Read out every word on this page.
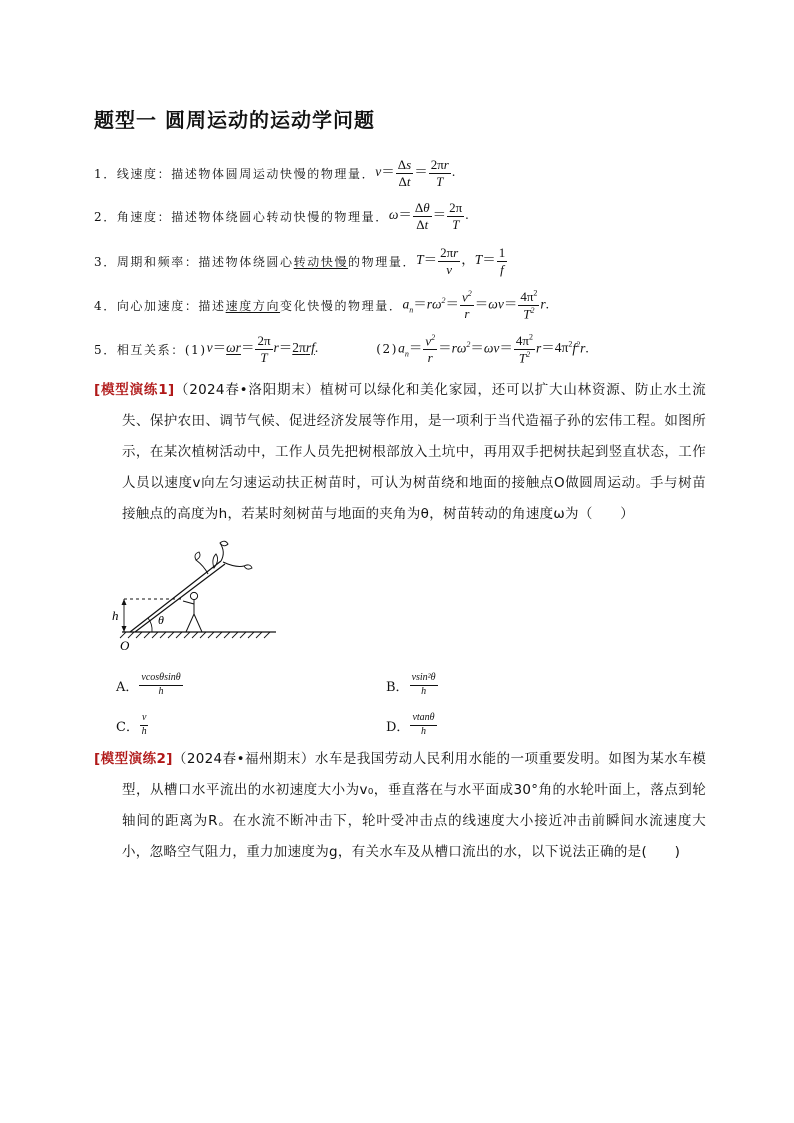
题型一 圆周运动的运动学问题
1．线速度：描述物体圆周运动快慢的物理量． $v= \frac{\Delta s}{\Delta t} = \frac{2\pi r}{T}$ .
2．角速度：描述物体绕圆心转动快慢的物理量． $\omega= \frac{\Delta\theta}{\Delta t} = \frac{2\pi}{T}$ .
3．周期和频率：描述物体绕圆心 转动快慢 的物理量． $T= \frac{2\pi r}{v}$ ，$T= \frac{1}{f}$
4．向心加速度：描述 速度方向 变化快慢的物理量． $a_n=r\omega^2= \frac{v^2}{r} =\omega v= \frac{4\pi^2}{T^2} r$.
5．相互关系：(1) $v=\omega r= \frac{2\pi}{T} r=2\pi rf$.	(2) $a_n= \frac{v^2}{r} =r\omega^2=\omega v= \frac{4\pi^2}{T^2} r=4\pi^2f^2r$.
[模型演练1]（2024春•洛阳期末）植树可以绿化和美化家园，还可以扩大山林资源、防止水土流失、保护农田、调节气候、促进经济发展等作用，是一项利于当代造福子孙的宏伟工程。如图所示，在某次植树活动中，工作人员先把树根部放入土坑中，再用双手把树扶起到竖直状态，工作人员以速度v向左匀速运动扶正树苗时，可认为树苗绕和地面的接触点O做圆周运动。手与树苗接触点的高度为h，若某时刻树苗与地面的夹角为θ，树苗转动的角速度ω为（　　）
h	θ
O
A． $\frac{vcos\theta\sin\theta}{h}$	B． $\frac{\text{vsin²θ}}{h}$
C． $\frac{v}{h}$	D． $\frac{vtan\theta}{h}$
[模型演练2]（2024春•福州期末）水车是我国劳动人民利用水能的一项重要发明。如图为某水车模型，从槽口水平流出的水初速度大小为v₀，垂直落在与水平面成30°角的水轮叶面上，落点到轮轴间的距离为R。在水流不断冲击下，轮叶受冲击点的线速度大小接近冲击前瞬间水流速度大小，忽略空气阻力，重力加速度为g，有关水车及从槽口流出的水，以下说法正确的是(　　)
